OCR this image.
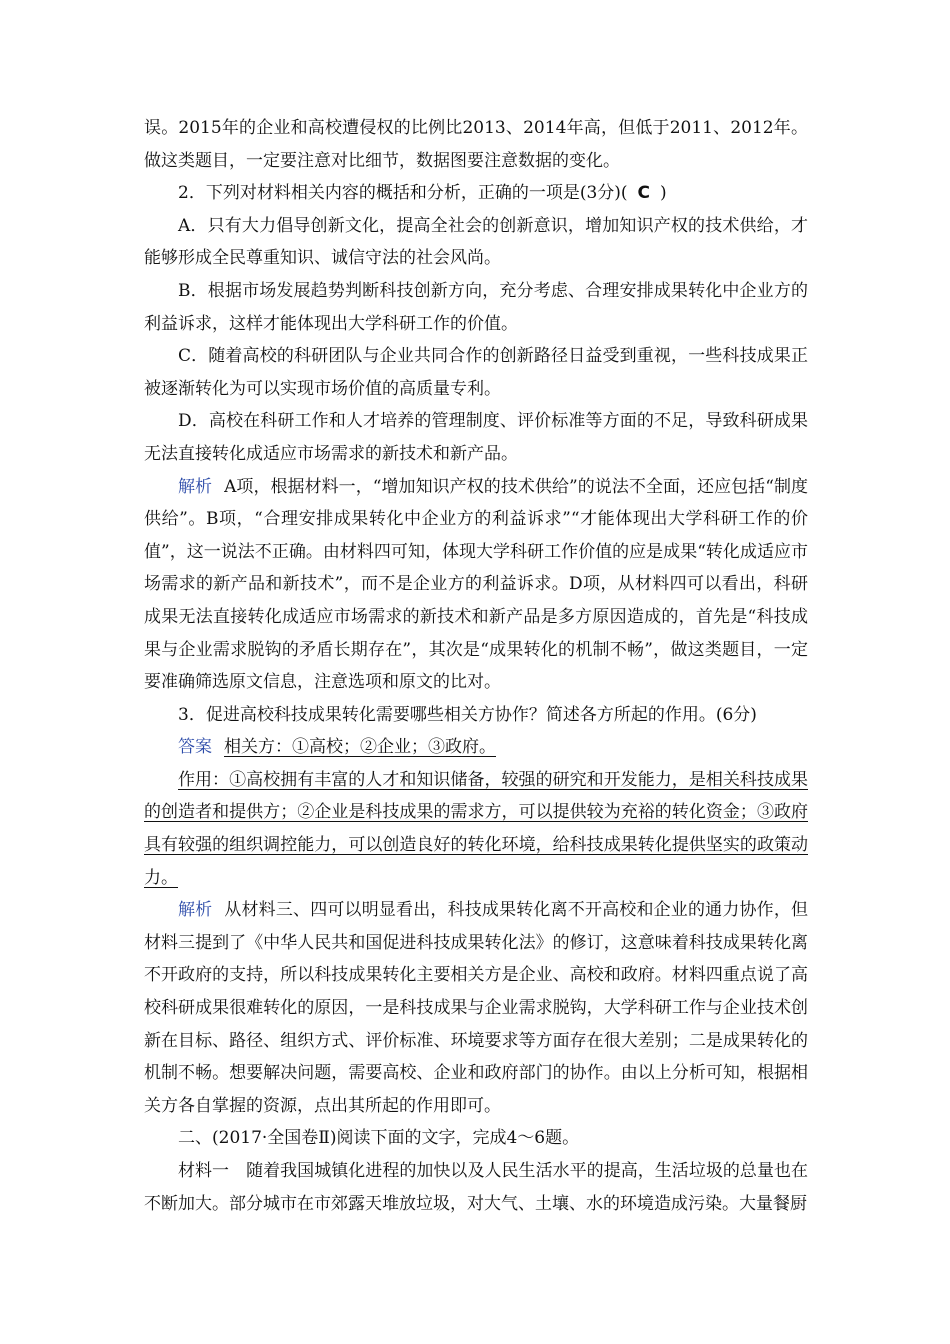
误。2015年的企业和高校遭侵权的比例比2013、2014年高，但低于2011、2012年。做这类题目，一定要注意对比细节，数据图要注意数据的变化。

2．下列对材料相关内容的概括和分析，正确的一项是(3分)( C )

A．只有大力倡导创新文化，提高全社会的创新意识，增加知识产权的技术供给，才能够形成全民尊重知识、诚信守法的社会风尚。

B．根据市场发展趋势判断科技创新方向，充分考虑、合理安排成果转化中企业方的利益诉求，这样才能体现出大学科研工作的价值。

C．随着高校的科研团队与企业共同合作的创新路径日益受到重视，一些科技成果正被逐渐转化为可以实现市场价值的高质量专利。

D．高校在科研工作和人才培养的管理制度、评价标准等方面的不足，导致科研成果无法直接转化成适应市场需求的新技术和新产品。

解析 A项，根据材料一，“增加知识产权的技术供给”的说法不全面，还应包括“制度供给”。B项，“合理安排成果转化中企业方的利益诉求”“才能体现出大学科研工作的价值”，这一说法不正确。由材料四可知，体现大学科研工作价值的应是成果“转化成适应市场需求的新产品和新技术”，而不是企业方的利益诉求。D项，从材料四可以看出，科研成果无法直接转化成适应市场需求的新技术和新产品是多方原因造成的，首先是“科技成果与企业需求脱钩的矛盾长期存在”，其次是“成果转化的机制不畅”，做这类题目，一定要准确筛选原文信息，注意选项和原文的比对。

3．促进高校科技成果转化需要哪些相关方协作？简述各方所起的作用。(6分)

答案 相关方：①高校；②企业；③政府。

作用：①高校拥有丰富的人才和知识储备，较强的研究和开发能力，是相关科技成果的创造者和提供方；②企业是科技成果的需求方，可以提供较为充裕的转化资金；③政府具有较强的组织调控能力，可以创造良好的转化环境，给科技成果转化提供坚实的政策动力。

解析 从材料三、四可以明显看出，科技成果转化离不开高校和企业的通力协作，但材料三提到了《中华人民共和国促进科技成果转化法》的修订，这意味着科技成果转化离不开政府的支持，所以科技成果转化主要相关方是企业、高校和政府。材料四重点说了高校科研成果很难转化的原因，一是科技成果与企业需求脱钩，大学科研工作与企业技术创新在目标、路径、组织方式、评价标准、环境要求等方面存在很大差别；二是成果转化的机制不畅。想要解决问题，需要高校、企业和政府部门的协作。由以上分析可知，根据相关方各自掌握的资源，点出其所起的作用即可。

二、(2017·全国卷Ⅱ)阅读下面的文字，完成4～6题。

材料一 随着我国城镇化进程的加快以及人民生活水平的提高，生活垃圾的总量也在不断加大。部分城市在市郊露天堆放垃圾，对大气、土壤、水的环境造成污染。大量餐厨
